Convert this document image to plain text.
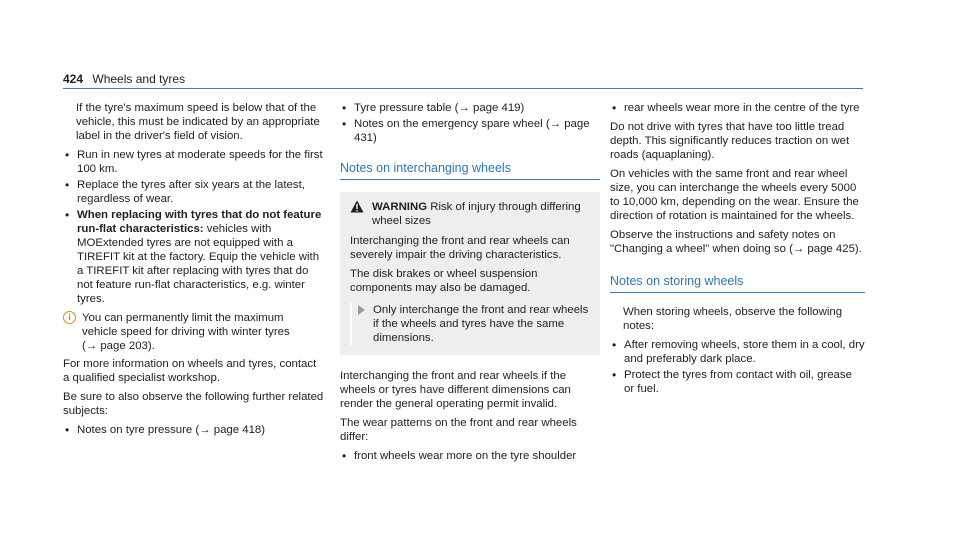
424 Wheels and tyres

If the tyre's maximum speed is below that of the vehicle, this must be indicated by an appropriate label in the driver's field of vision.

• Run in new tyres at moderate speeds for the first 100 km.
• Replace the tyres after six years at the latest, regardless of wear.
• When replacing with tyres that do not feature run-flat characteristics: vehicles with MOExtended tyres are not equipped with a TIREFIT kit at the factory. Equip the vehicle with a TIREFIT kit after replacing with tyres that do not feature run-flat characteristics, e.g. winter tyres.
i You can permanently limit the maximum
vehicle speed for driving with winter tyres
(→ page 203).

For more information on wheels and tyres, contact a qualified specialist workshop.

Be sure to also observe the following further related subjects:

• Notes on tyre pressure (→ page 418)
• Tyre pressure table (→ page 419)
• Notes on the emergency spare wheel (→ page 431)
Notes on interchanging wheels
WARNING Risk of injury through differing wheel sizes

Interchanging the front and rear wheels can severely impair the driving characteristics.

The disk brakes or wheel suspension components may also be damaged.

Only interchange the front and rear wheels if the wheels and tyres have the same dimensions.

Interchanging the front and rear wheels if the wheels or tyres have different dimensions can render the general operating permit invalid.

The wear patterns on the front and rear wheels differ:

• front wheels wear more on the tyre shoulder
• rear wheels wear more in the centre of the tyre

Do not drive with tyres that have too little tread depth. This significantly reduces traction on wet roads (aquaplaning).

On vehicles with the same front and rear wheel size, you can interchange the wheels every 5000 to 10,000 km, depending on the wear. Ensure the direction of rotation is maintained for the wheels.

Observe the instructions and safety notes on "Changing a wheel" when doing so (→ page 425).

Notes on storing wheels

When storing wheels, observe the following notes:

• After removing wheels, store them in a cool, dry and preferably dark place.
• Protect the tyres from contact with oil, grease or fuel.
